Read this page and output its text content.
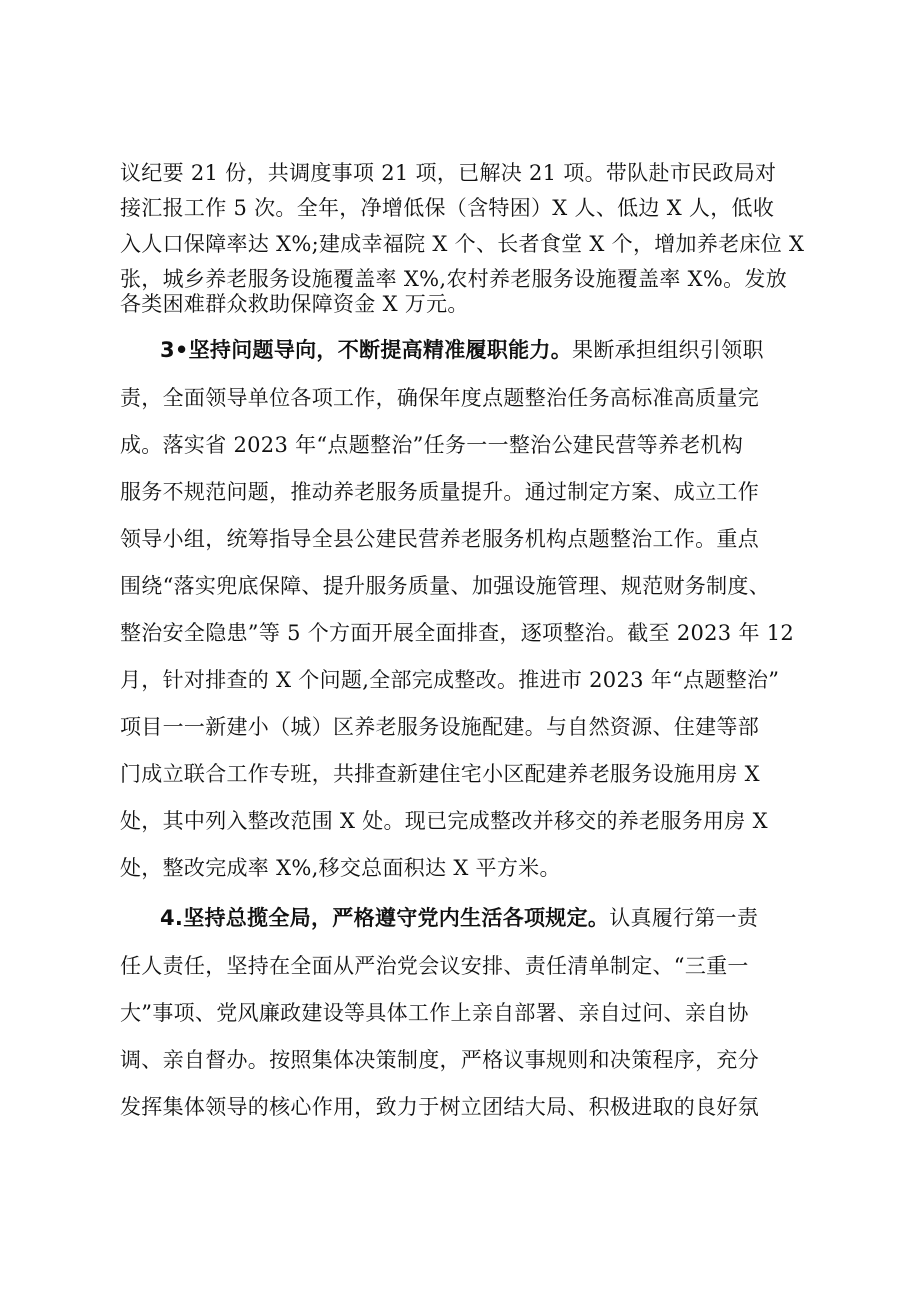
议纪要 21 份，共调度事项 21 项，已解决 21 项。带队赴市民政局对
接汇报工作 5 次。全年，净增低保（含特困）X 人、低边 X 人，低收
入人口保障率达 X%;建成幸福院 X 个、长者食堂 X 个，增加养老床位 X
张，城乡养老服务设施覆盖率 X%,农村养老服务设施覆盖率 X%。发放
各类困难群众救助保障资金 X 万元。
3•坚持问题导向，不断提高精准履职能力。果断承担组织引领职
责，全面领导单位各项工作，确保年度点题整治任务高标准高质量完
成。落实省 2023 年“点题整治”任务一一整治公建民营等养老机构
服务不规范问题，推动养老服务质量提升。通过制定方案、成立工作
领导小组，统筹指导全县公建民营养老服务机构点题整治工作。重点
围绕“落实兜底保障、提升服务质量、加强设施管理、规范财务制度、
整治安全隐患”等 5 个方面开展全面排查，逐项整治。截至 2023 年 12
月，针对排查的 X 个问题,全部完成整改。推进市 2023 年“点题整治”
项目一一新建小（城）区养老服务设施配建。与自然资源、住建等部
门成立联合工作专班，共排查新建住宅小区配建养老服务设施用房 X
处，其中列入整改范围 X 处。现已完成整改并移交的养老服务用房 X
处，整改完成率 X%,移交总面积达 X 平方米。
4.坚持总揽全局，严格遵守党内生活各项规定。认真履行第一责
任人责任，坚持在全面从严治党会议安排、责任清单制定、“三重一
大”事项、党风廉政建设等具体工作上亲自部署、亲自过问、亲自协
调、亲自督办。按照集体决策制度，严格议事规则和决策程序，充分
发挥集体领导的核心作用，致力于树立团结大局、积极进取的良好氛
